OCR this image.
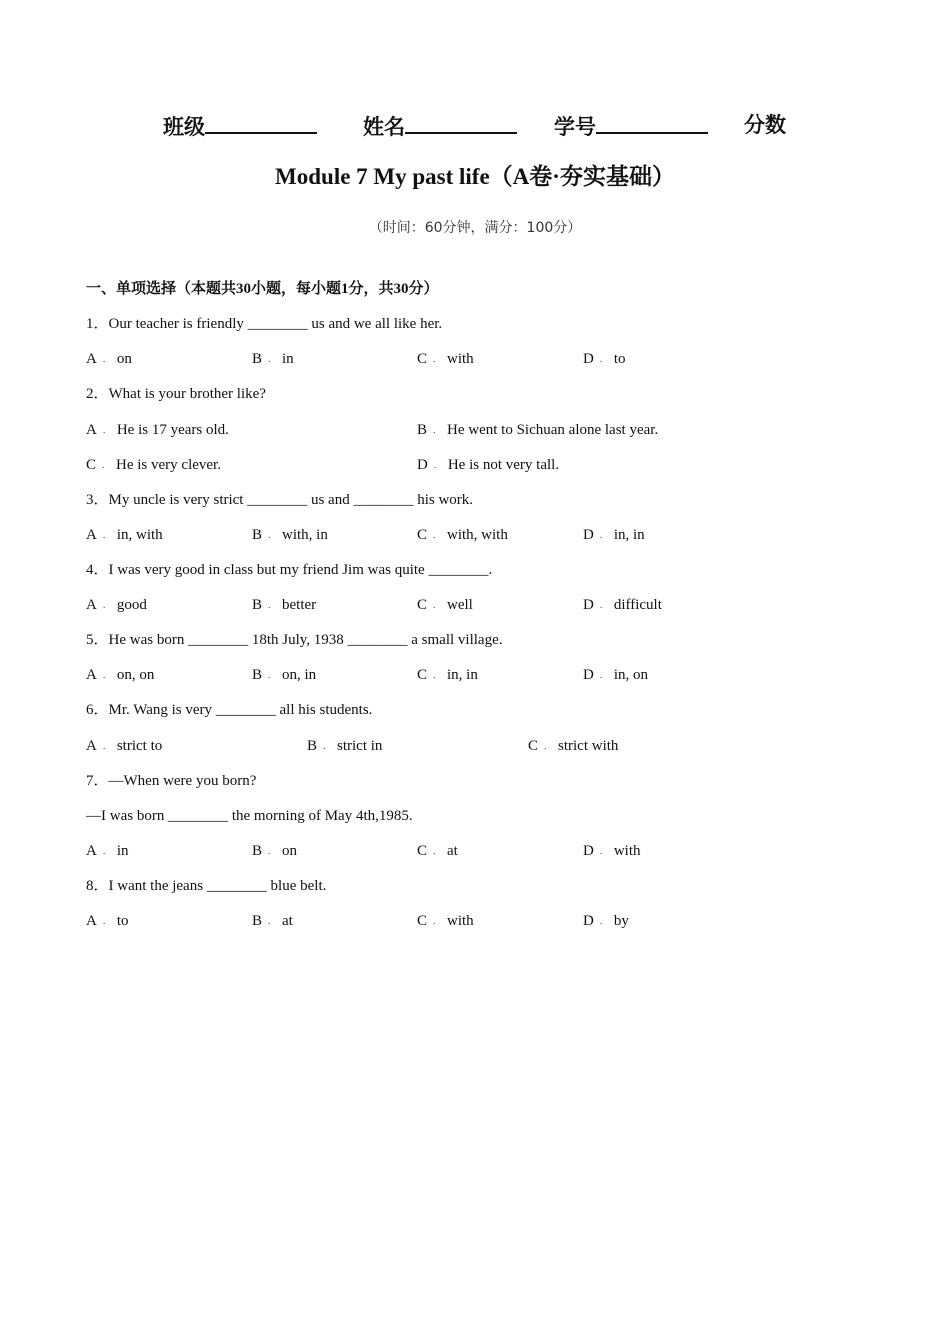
班级	姓名	学号	分数
Module 7 My past life（A卷·夯实基础）
（时间：60分钟，满分：100分）
一、单项选择（本题共30小题，每小题1分，共30分）
1．Our teacher is friendly ________ us and we all like her.
A ． on	B ． in	C ． with	D ． to
2．What is your brother like?
A ． He is 17 years old.	B ． He went to Sichuan alone last year.
C ． He is very clever.	D ． He is not very tall.
3．My uncle is very strict ________ us and ________ his work.
A ． in, with	B ． with, in	C ． with, with	D ． in, in
4．I was very good in class but my friend Jim was quite ________.
A ． good	B ． better	C ． well	D ． difficult
5．He was born ________ 18th July, 1938 ________ a small village.
A ． on, on	B ． on, in	C ． in, in	D ． in, on
6．Mr. Wang is very ________ all his students.
A ． strict to	B ． strict in	C ． strict with
7．—When were you born?
—I was born ________ the morning of May 4th,1985.
A ． in	B ． on	C ． at	D ． with
8．I want the jeans ________ blue belt.
A ． to	B ． at	C ． with	D ． by
